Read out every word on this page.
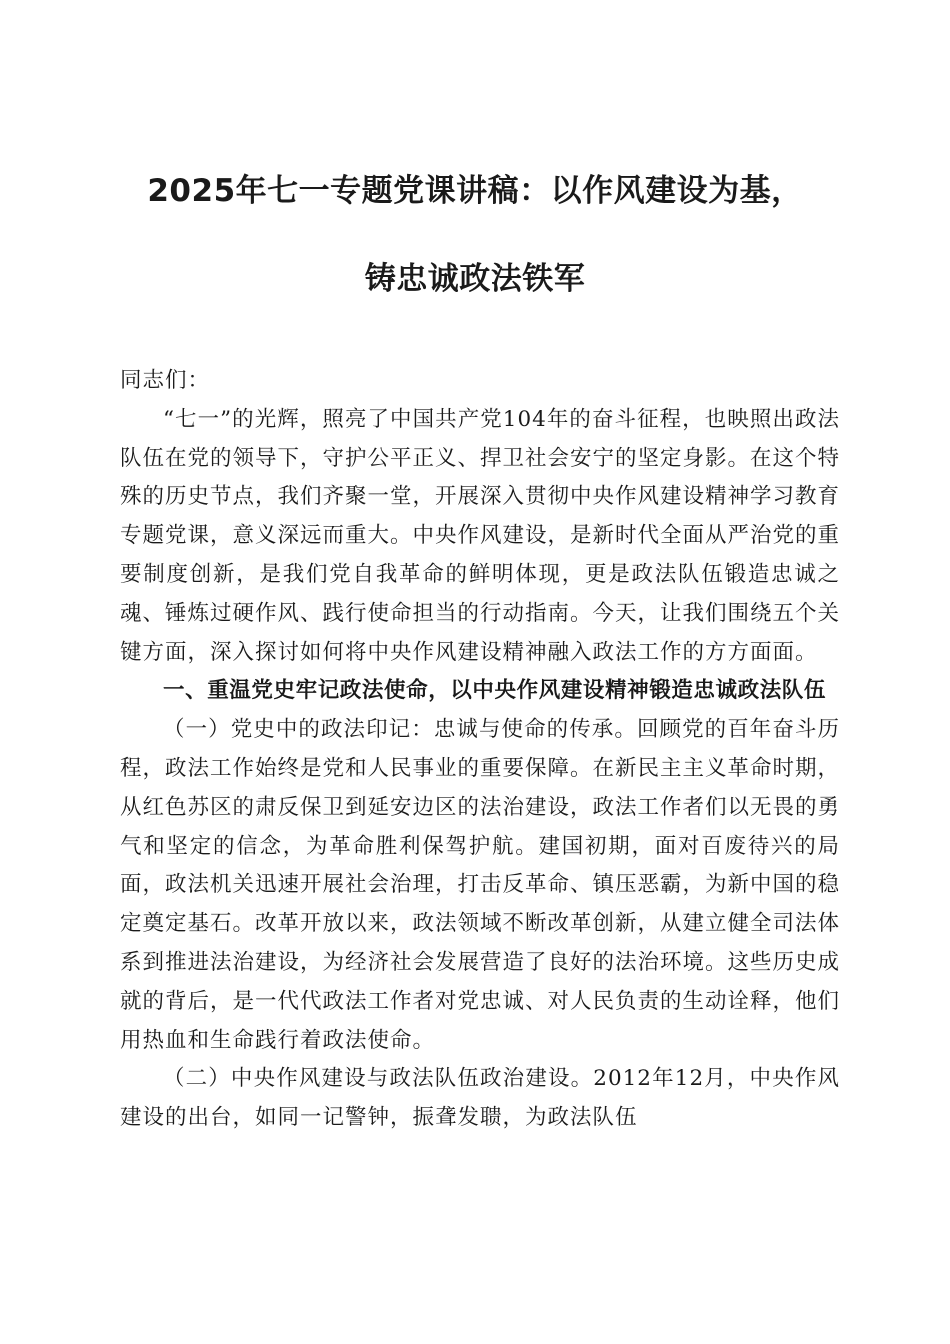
2025年七一专题党课讲稿：以作风建设为基，

铸忠诚政法铁军

同志们：

“七一”的光辉，照亮了中国共产党104年的奋斗征程，也映照出政法队伍在党的领导下，守护公平正义、捍卫社会安宁的坚定身影。在这个特殊的历史节点，我们齐聚一堂，开展深入贯彻中央作风建设精神学习教育专题党课，意义深远而重大。中央作风建设，是新时代全面从严治党的重要制度创新，是我们党自我革命的鲜明体现，更是政法队伍锻造忠诚之魂、锤炼过硬作风、践行使命担当的行动指南。今天，让我们围绕五个关键方面，深入探讨如何将中央作风建设精神融入政法工作的方方面面。

一、重温党史牢记政法使命，以中央作风建设精神锻造忠诚政法队伍

（一）党史中的政法印记：忠诚与使命的传承。回顾党的百年奋斗历程，政法工作始终是党和人民事业的重要保障。在新民主主义革命时期，从红色苏区的肃反保卫到延安边区的法治建设，政法工作者们以无畏的勇气和坚定的信念，为革命胜利保驾护航。建国初期，面对百废待兴的局面，政法机关迅速开展社会治理，打击反革命、镇压恶霸，为新中国的稳定奠定基石。改革开放以来，政法领域不断改革创新，从建立健全司法体系到推进法治建设，为经济社会发展营造了良好的法治环境。这些历史成就的背后，是一代代政法工作者对党忠诚、对人民负责的生动诠释，他们用热血和生命践行着政法使命。

（二）中央作风建设与政法队伍政治建设。2012年12月，中央作风建设的出台，如同一记警钟，振聋发聩，为政法队伍
